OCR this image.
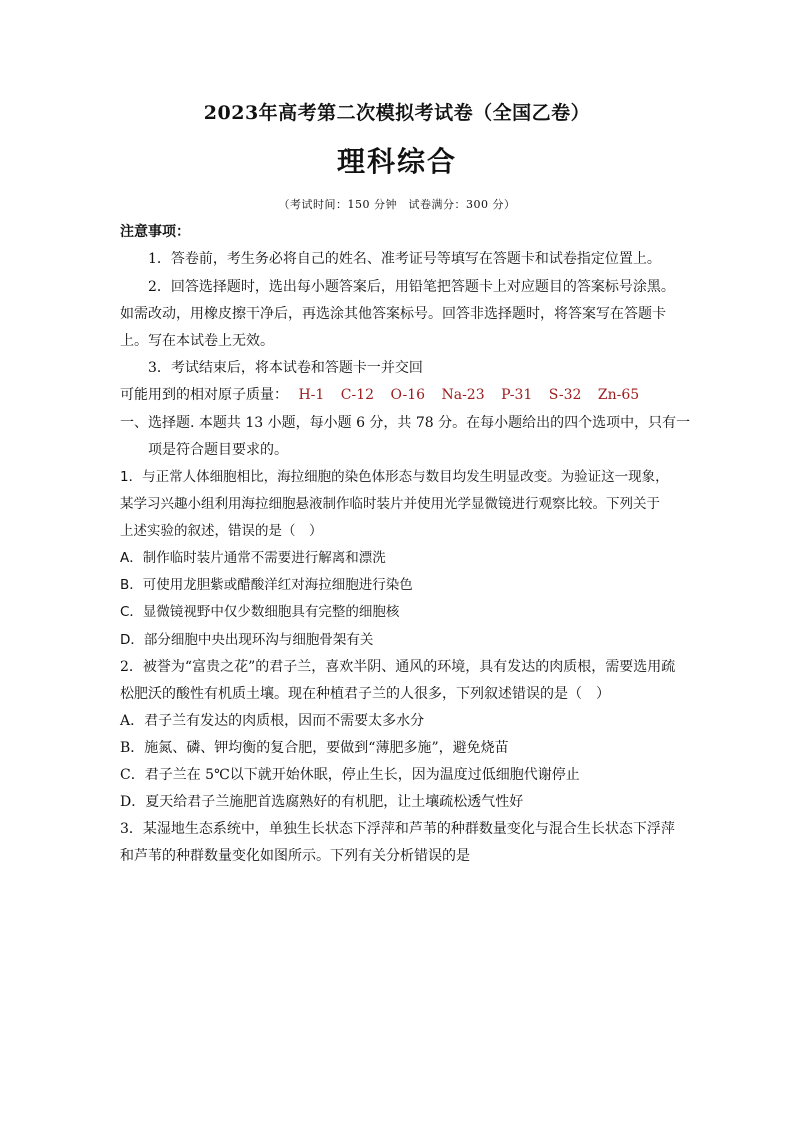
2023年高考第二次模拟考试卷（全国乙卷）
理科综合
（考试时间：150 分钟　试卷满分：300 分）
注意事项：
1．答卷前，考生务必将自己的姓名、准考证号等填写在答题卡和试卷指定位置上。
2．回答选择题时，选出每小题答案后，用铅笔把答题卡上对应题目的答案标号涂黑。
如需改动，用橡皮擦干净后，再选涂其他答案标号。回答非选择题时，将答案写在答题卡
上。写在本试卷上无效。
3．考试结束后，将本试卷和答题卡一并交回
可能用到的相对原子质量： H-1 C-12 O-16 Na-23 P-31 S-32 Zn-65
一、选择题. 本题共 13 小题，每小题 6 分，共 78 分。在每小题给出的四个选项中，只有一
项是符合题目要求的。
1．与正常人体细胞相比，海拉细胞的染色体形态与数目均发生明显改变。为验证这一现象，
某学习兴趣小组利用海拉细胞悬液制作临时装片并使用光学显微镜进行观察比较。下列关于
上述实验的叙述，错误的是（　）
A．制作临时装片通常不需要进行解离和漂洗
B．可使用龙胆紫或醋酸洋红对海拉细胞进行染色
C．显微镜视野中仅少数细胞具有完整的细胞核
D．部分细胞中央出现环沟与细胞骨架有关
2．被誉为“富贵之花”的君子兰，喜欢半阴、通风的环境，具有发达的肉质根，需要选用疏
松肥沃的酸性有机质土壤。现在种植君子兰的人很多，下列叙述错误的是（　）
A．君子兰有发达的肉质根，因而不需要太多水分
B．施氮、磷、钾均衡的复合肥，要做到“薄肥多施”，避免烧苗
C．君子兰在 5℃以下就开始休眠，停止生长，因为温度过低细胞代谢停止
D．夏天给君子兰施肥首选腐熟好的有机肥，让土壤疏松透气性好
3．某湿地生态系统中，单独生长状态下浮萍和芦苇的种群数量变化与混合生长状态下浮萍
和芦苇的种群数量变化如图所示。下列有关分析错误的是
